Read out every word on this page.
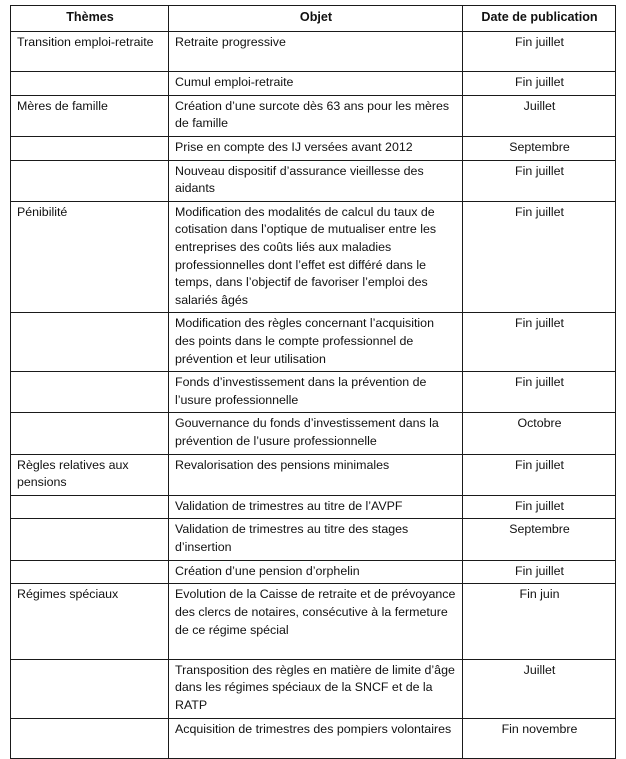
Thèmes	Objet	Date de publication
Transition emploi-retraite	Retraite progressive	Fin juillet
	Cumul emploi-retraite	Fin juillet
Mères de famille	Création d’une surcote dès 63 ans pour les mères de famille	Juillet
	Prise en compte des IJ versées avant 2012	Septembre
	Nouveau dispositif d’assurance vieillesse des aidants	Fin juillet
Pénibilité	Modification des modalités de calcul du taux de cotisation dans l’optique de mutualiser entre les entreprises des coûts liés aux maladies professionnelles dont l’effet est différé dans le temps, dans l’objectif de favoriser l’emploi des salariés âgés	Fin juillet
	Modification des règles concernant l’acquisition des points dans le compte professionnel de prévention et leur utilisation	Fin juillet
	Fonds d’investissement dans la prévention de l’usure professionnelle	Fin juillet
	Gouvernance du fonds d’investissement dans la prévention de l’usure professionnelle	Octobre
Règles relatives aux pensions	Revalorisation des pensions minimales	Fin juillet
	Validation de trimestres au titre de l’AVPF	Fin juillet
	Validation de trimestres au titre des stages d’insertion	Septembre
	Création d’une pension d’orphelin	Fin juillet
Régimes spéciaux	Evolution de la Caisse de retraite et de prévoyance des clercs de notaires, consécutive à la fermeture de ce régime spécial	Fin juin
	Transposition des règles en matière de limite d’âge dans les régimes spéciaux de la SNCF et de la RATP	Juillet
	Acquisition de trimestres des pompiers volontaires	Fin novembre
